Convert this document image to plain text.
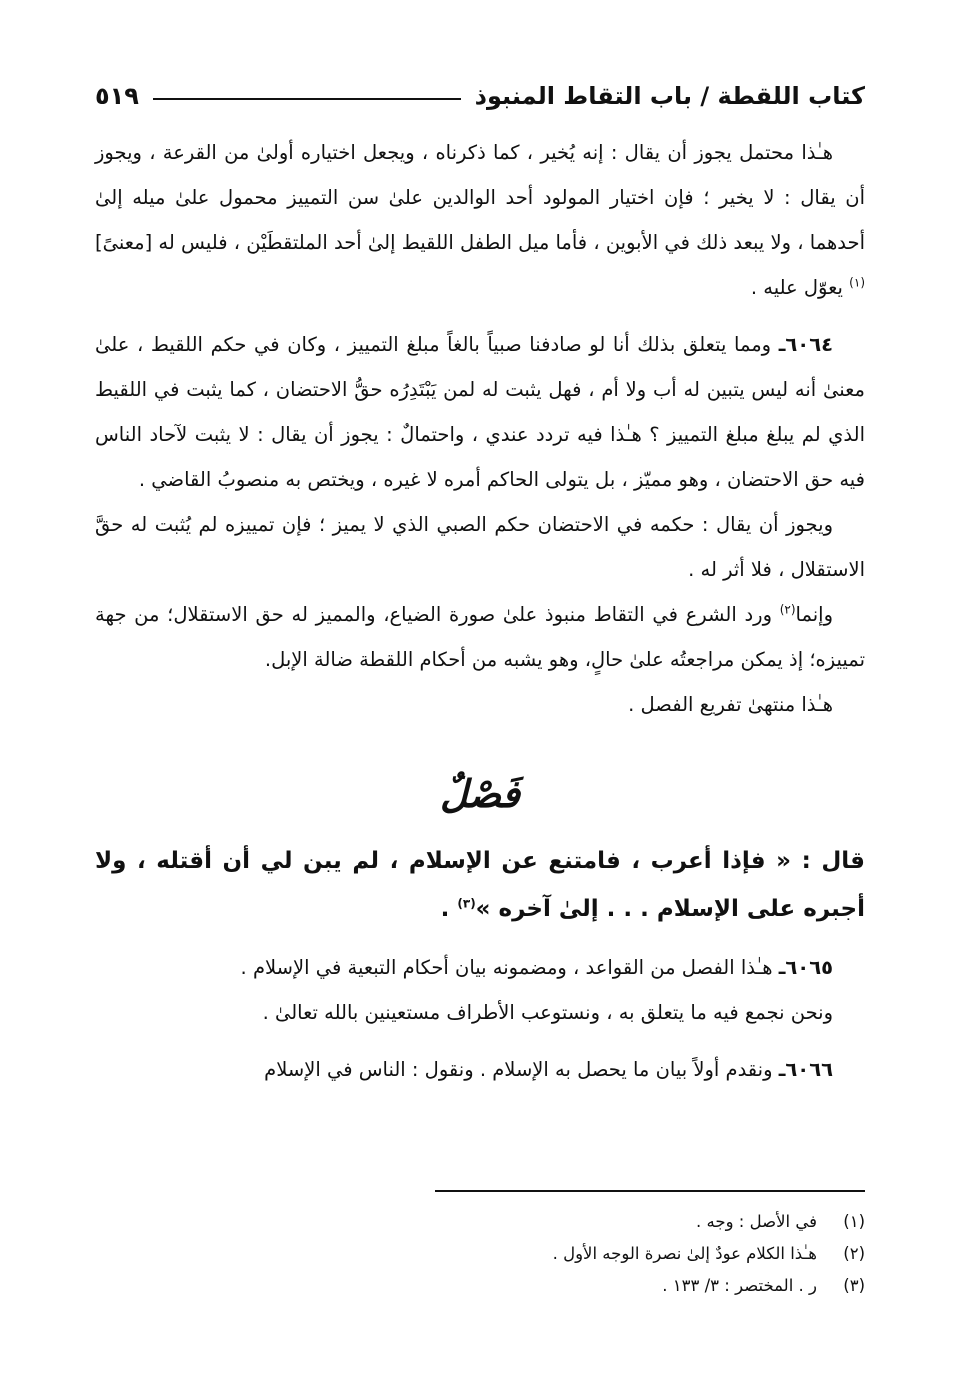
كتاب اللقطة / باب التقاط المنبوذ
٥١٩

هـٰذا محتمل يجوز أن يقال : إنه يُخير ، كما ذكرناه ، ويجعل اختياره أولىٰ من القرعة ، ويجوز أن يقال : لا يخير ؛ فإن اختيار المولود أحد الوالدين علىٰ سن التمييز محمول علىٰ ميله إلىٰ أحدهما ، ولا يبعد ذلك في الأبوين ، فأما ميل الطفل اللقيط إلىٰ أحد الملتقطَيْن ، فليس له [معنىً]$^{(١)}$ يعوّل عليه .

٦٠٦٤ـ ومما يتعلق بذلك أنا لو صادفنا صبياً بالغاً مبلغ التمييز ، وكان في حكم اللقيط ، علىٰ معنىٰ أنه ليس يتبين له أب ولا أم ، فهل يثبت له لمن يَبْتَدِرُه حقُّ الاحتضان ، كما يثبت في اللقيط الذي لم يبلغ مبلغ التمييز ؟ هـٰذا فيه تردد عندي ، واحتمالٌ : يجوز أن يقال : لا يثبت لآحاد الناس فيه حق الاحتضان ، وهو مميّز ، بل يتولى الحاكم أمره لا غيره ، ويختص به منصوبُ القاضي .

ويجوز أن يقال : حكمه في الاحتضان حكم الصبي الذي لا يميز ؛ فإن تمييزه لم يُثبت له حقَّ الاستقلال ، فلا أثر له .

وإنما$^{(٢)}$ ورد الشرع في التقاط منبوذ علىٰ صورة الضياع، والمميز له حق الاستقلال؛ من جهة تمييزه؛ إذ يمكن مراجعتُه علىٰ حالٍ، وهو يشبه من أحكام اللقطة ضالة الإبل.

هـٰذا منتهىٰ تفريع الفصل .

فَصْلٌ

قال : « فإذا أعرب ، فامتنع عن الإسلام ، لم يبن لي أن أقتله ، ولا أجبره على الإسلام . . . إلىٰ آخره »$^{(٣)}$ .

٦٠٦٥ـ هـٰذا الفصل من القواعد ، ومضمونه بيان أحكام التبعية في الإسلام .

ونحن نجمع فيه ما يتعلق به ، ونستوعب الأطراف مستعينين بالله تعالىٰ .

٦٠٦٦ـ ونقدم أولاً بيان ما يحصل به الإسلام . ونقول : الناس في الإسلام

(١)
في الأصل : وجه .
(٢)
هـٰذا الكلام عودٌ إلىٰ نصرة الوجه الأول .
(٣)
ر . المختصر : ٣/ ١٣٣ .
